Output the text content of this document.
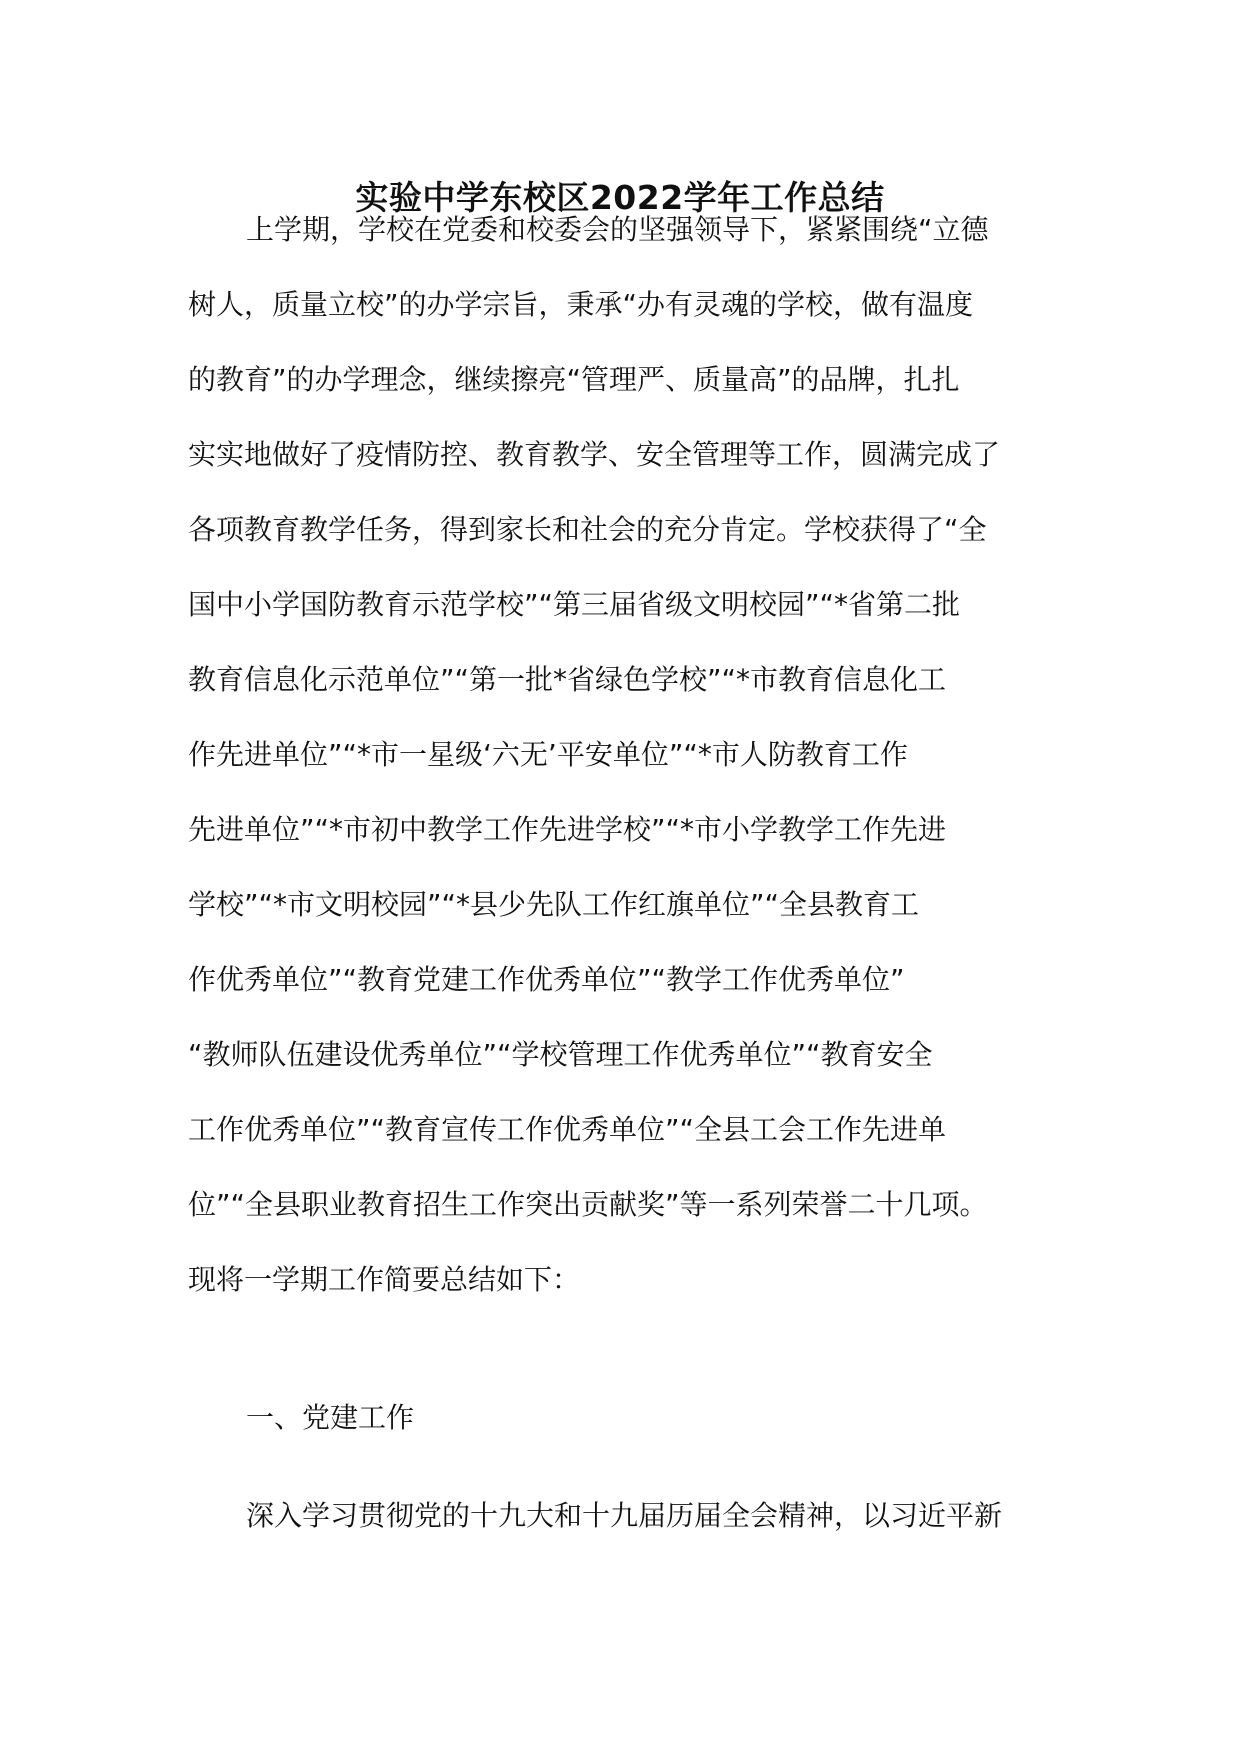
实验中学东校区2022学年工作总结
上学期，学校在党委和校委会的坚强领导下，紧紧围绕“立德
树人，质量立校”的办学宗旨，秉承“办有灵魂的学校，做有温度
的教育”的办学理念，继续擦亮“管理严、质量高”的品牌，扎扎
实实地做好了疫情防控、教育教学、安全管理等工作，圆满完成了
各项教育教学任务，得到家长和社会的充分肯定。学校获得了“全
国中小学国防教育示范学校”“第三届省级文明校园”“*省第二批
教育信息化示范单位”“第一批*省绿色学校”“*市教育信息化工
作先进单位”“*市一星级‘六无’平安单位”“*市人防教育工作
先进单位”“*市初中教学工作先进学校”“*市小学教学工作先进
学校”“*市文明校园”“*县少先队工作红旗单位”“全县教育工
作优秀单位”“教育党建工作优秀单位”“教学工作优秀单位”
“教师队伍建设优秀单位”“学校管理工作优秀单位”“教育安全
工作优秀单位”“教育宣传工作优秀单位”“全县工会工作先进单
位”“全县职业教育招生工作突出贡献奖”等一系列荣誉二十几项。
现将一学期工作简要总结如下：
一、党建工作
深入学习贯彻党的十九大和十九届历届全会精神，以习近平新
